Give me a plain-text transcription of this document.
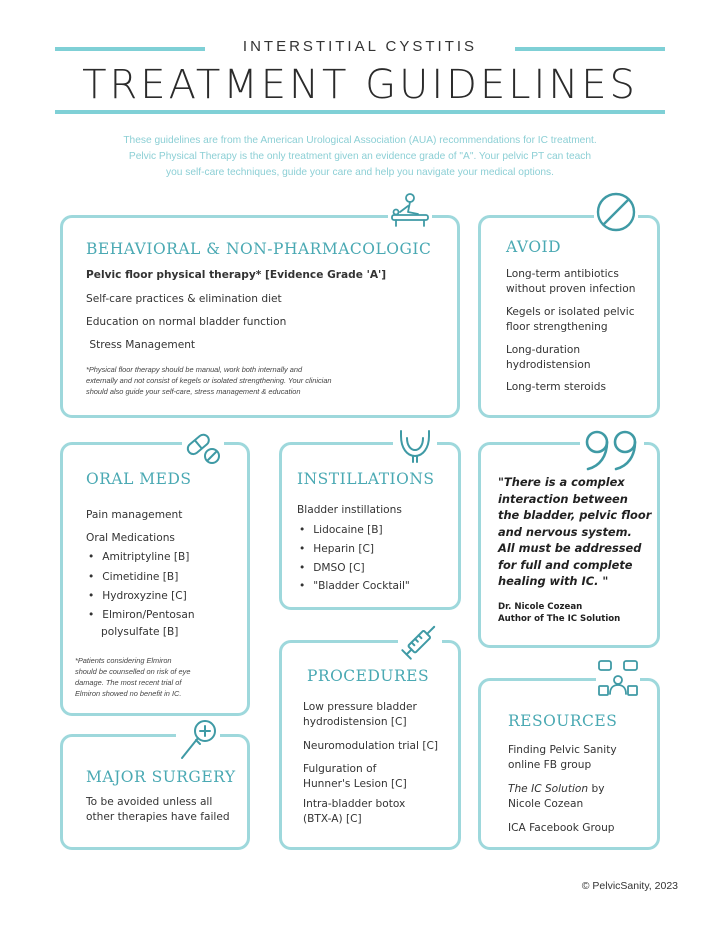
INTERSTITIAL CYSTITIS
TREATMENT GUIDELINES
These guidelines are from the American Urological Association (AUA) recommendations for IC treatment.
Pelvic Physical Therapy is the only treatment given an evidence grade of "A". Your pelvic PT can teach
you self-care techniques, guide your care and help you navigate your medical options.
BEHAVIORAL & NON-PHARMACOLOGIC
Pelvic floor physical therapy* [Evidence Grade 'A']
Self-care practices & elimination diet
Education on normal bladder function
Stress Management
*Physical floor therapy should be manual, work both internally and
externally and not consist of kegels or isolated strengthening. Your clinician
should also guide your self-care, stress management & education
AVOID
Long-term antibiotics
without proven infection
Kegels or isolated pelvic
floor strengthening
Long-duration
hydrodistension
Long-term steroids
ORAL MEDS
Pain management
Oral Medications
• Amitriptyline [B]
• Cimetidine [B]
• Hydroxyzine [C]
• Elmiron/Pentosan
polysulfate [B]
*Patients considering Elmiron
should be counselled on risk of eye
damage. The most recent trial of
Elmiron showed no benefit in IC.
INSTILLATIONS
Bladder instillations
• Lidocaine [B]
• Heparin [C]
• DMSO [C]
• "Bladder Cocktail"
"There is a complex
interaction between
the bladder, pelvic floor
and nervous system.
All must be addressed
for full and complete
healing with IC. "
Dr. Nicole Cozean
Author of The IC Solution
PROCEDURES
Low pressure bladder
hydrodistension [C]
Neuromodulation trial [C]
Fulguration of
Hunner's Lesion [C]
Intra-bladder botox
(BTX-A) [C]
RESOURCES
Finding Pelvic Sanity
online FB group
The IC Solution by
Nicole Cozean
ICA Facebook Group
MAJOR SURGERY
To be avoided unless all
other therapies have failed
© PelvicSanity, 2023
